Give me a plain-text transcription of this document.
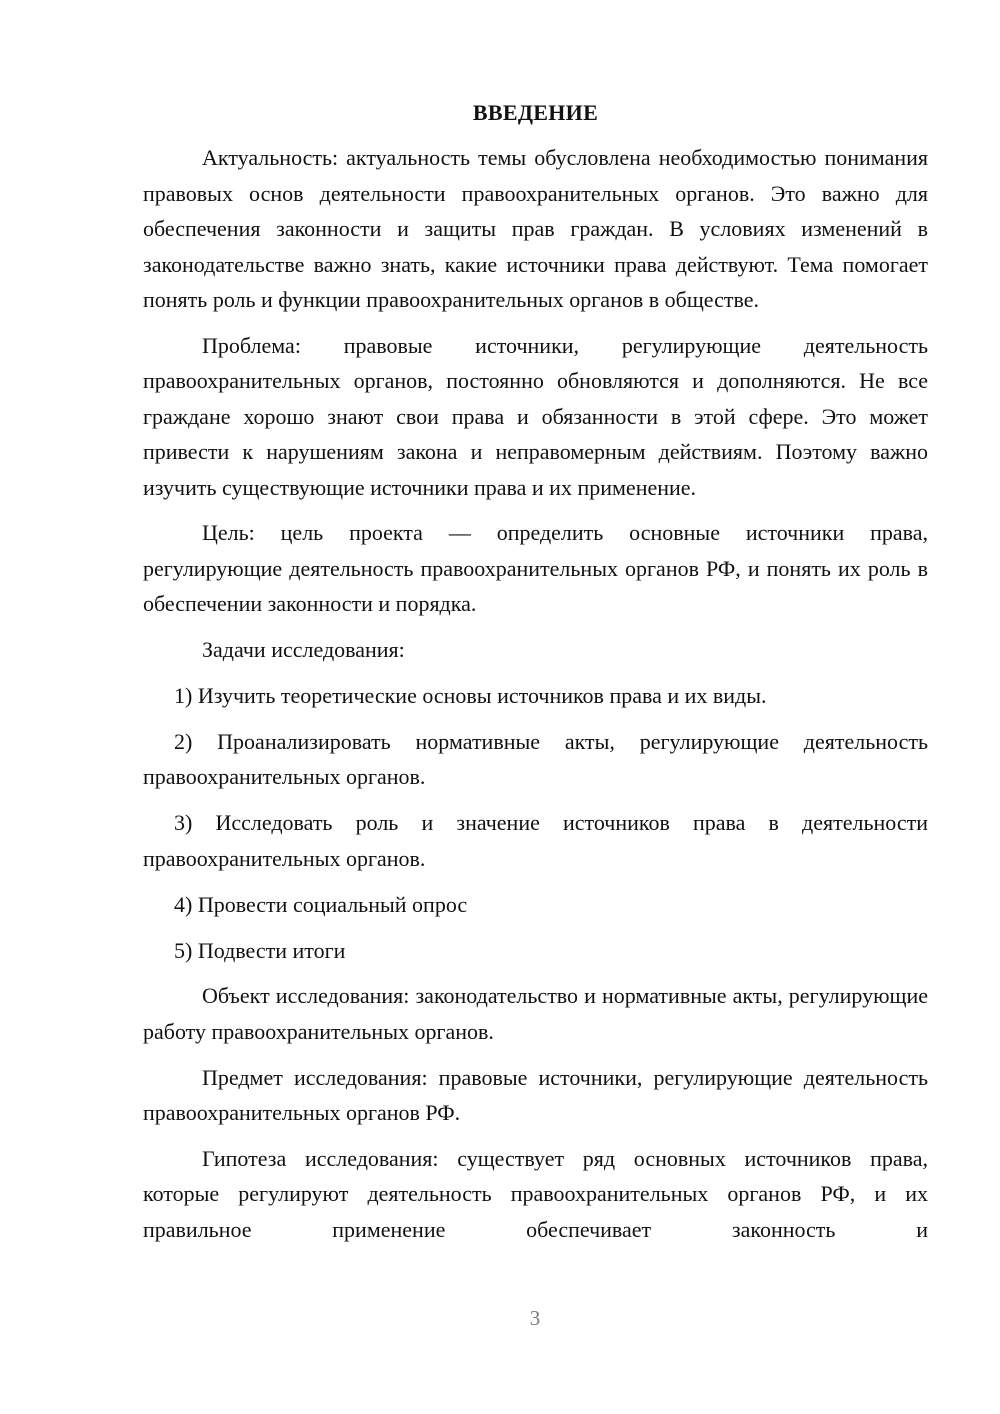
ВВЕДЕНИЕ

Актуальность: актуальность темы обусловлена необходимостью понимания правовых основ деятельности правоохранительных органов. Это важно для обеспечения законности и защиты прав граждан. В условиях изменений в законодательстве важно знать, какие источники права действуют. Тема помогает понять роль и функции правоохранительных органов в обществе.

Проблема: правовые источники, регулирующие деятельность правоохранительных органов, постоянно обновляются и дополняются. Не все граждане хорошо знают свои права и обязанности в этой сфере. Это может привести к нарушениям закона и неправомерным действиям. Поэтому важно изучить существующие источники права и их применение.

Цель: цель проекта — определить основные источники права, регулирующие деятельность правоохранительных органов РФ, и понять их роль в обеспечении законности и порядка.

Задачи исследования:

1) Изучить теоретические основы источников права и их виды.

2) Проанализировать нормативные акты, регулирующие деятельность правоохранительных органов.

3) Исследовать роль и значение источников права в деятельности правоохранительных органов.

4) Провести социальный опрос

5) Подвести итоги

Объект исследования: законодательство и нормативные акты, регулирующие работу правоохранительных органов.

Предмет исследования: правовые источники, регулирующие деятельность правоохранительных органов РФ.

Гипотеза исследования: существует ряд основных источников права, которые регулируют деятельность правоохранительных органов РФ, и их правильное применение обеспечивает законность и

3
